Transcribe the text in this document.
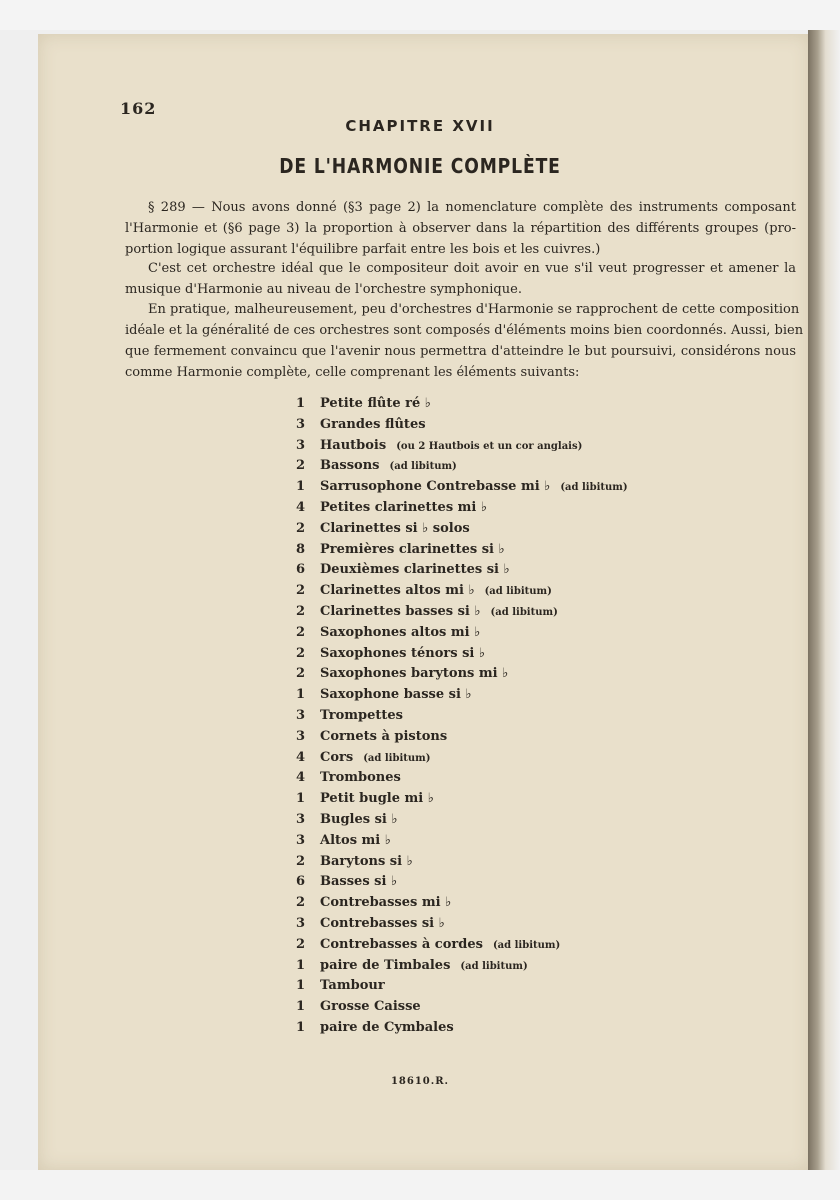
162
CHAPITRE XVII
DE L'HARMONIE COMPLÈTE
§ 289 — Nous avons donné (§3 page 2) la nomenclature complète des instruments composant
l'Harmonie et (§6 page 3) la proportion à observer dans la répartition des différents groupes (pro-
portion logique assurant l'équilibre parfait entre les bois et les cuivres.)
C'est cet orchestre idéal que le compositeur doit avoir en vue s'il veut progresser et amener la
musique d'Harmonie au niveau de l'orchestre symphonique.
En pratique, malheureusement, peu d'orchestres d'Harmonie se rapprochent de cette composition
idéale et la généralité de ces orchestres sont composés d'éléments moins bien coordonnés. Aussi, bien
que fermement convaincu que l'avenir nous permettra d'atteindre le but poursuivi, considérons nous
comme Harmonie complète, celle comprenant les éléments suivants:
1 Petite flûte ré ♭
3 Grandes flûtes
3 Hautbois (ou 2 Hautbois et un cor anglais)
2 Bassons (ad libitum)
1 Sarrusophone Contrebasse mi ♭ (ad libitum)
4 Petites clarinettes mi ♭
2 Clarinettes si ♭ solos
8 Premières clarinettes si ♭
6 Deuxièmes clarinettes si ♭
2 Clarinettes altos mi ♭ (ad libitum)
2 Clarinettes basses si ♭ (ad libitum)
2 Saxophones altos mi ♭
2 Saxophones ténors si ♭
2 Saxophones barytons mi ♭
1 Saxophone basse si ♭
3 Trompettes
3 Cornets à pistons
4 Cors (ad libitum)
4 Trombones
1 Petit bugle mi ♭
3 Bugles si ♭
3 Altos mi ♭
2 Barytons si ♭
6 Basses si ♭
2 Contrebasses mi ♭
3 Contrebasses si ♭
2 Contrebasses à cordes (ad libitum)
1 paire de Timbales (ad libitum)
1 Tambour
1 Grosse Caisse
1 paire de Cymbales
18610.R.
